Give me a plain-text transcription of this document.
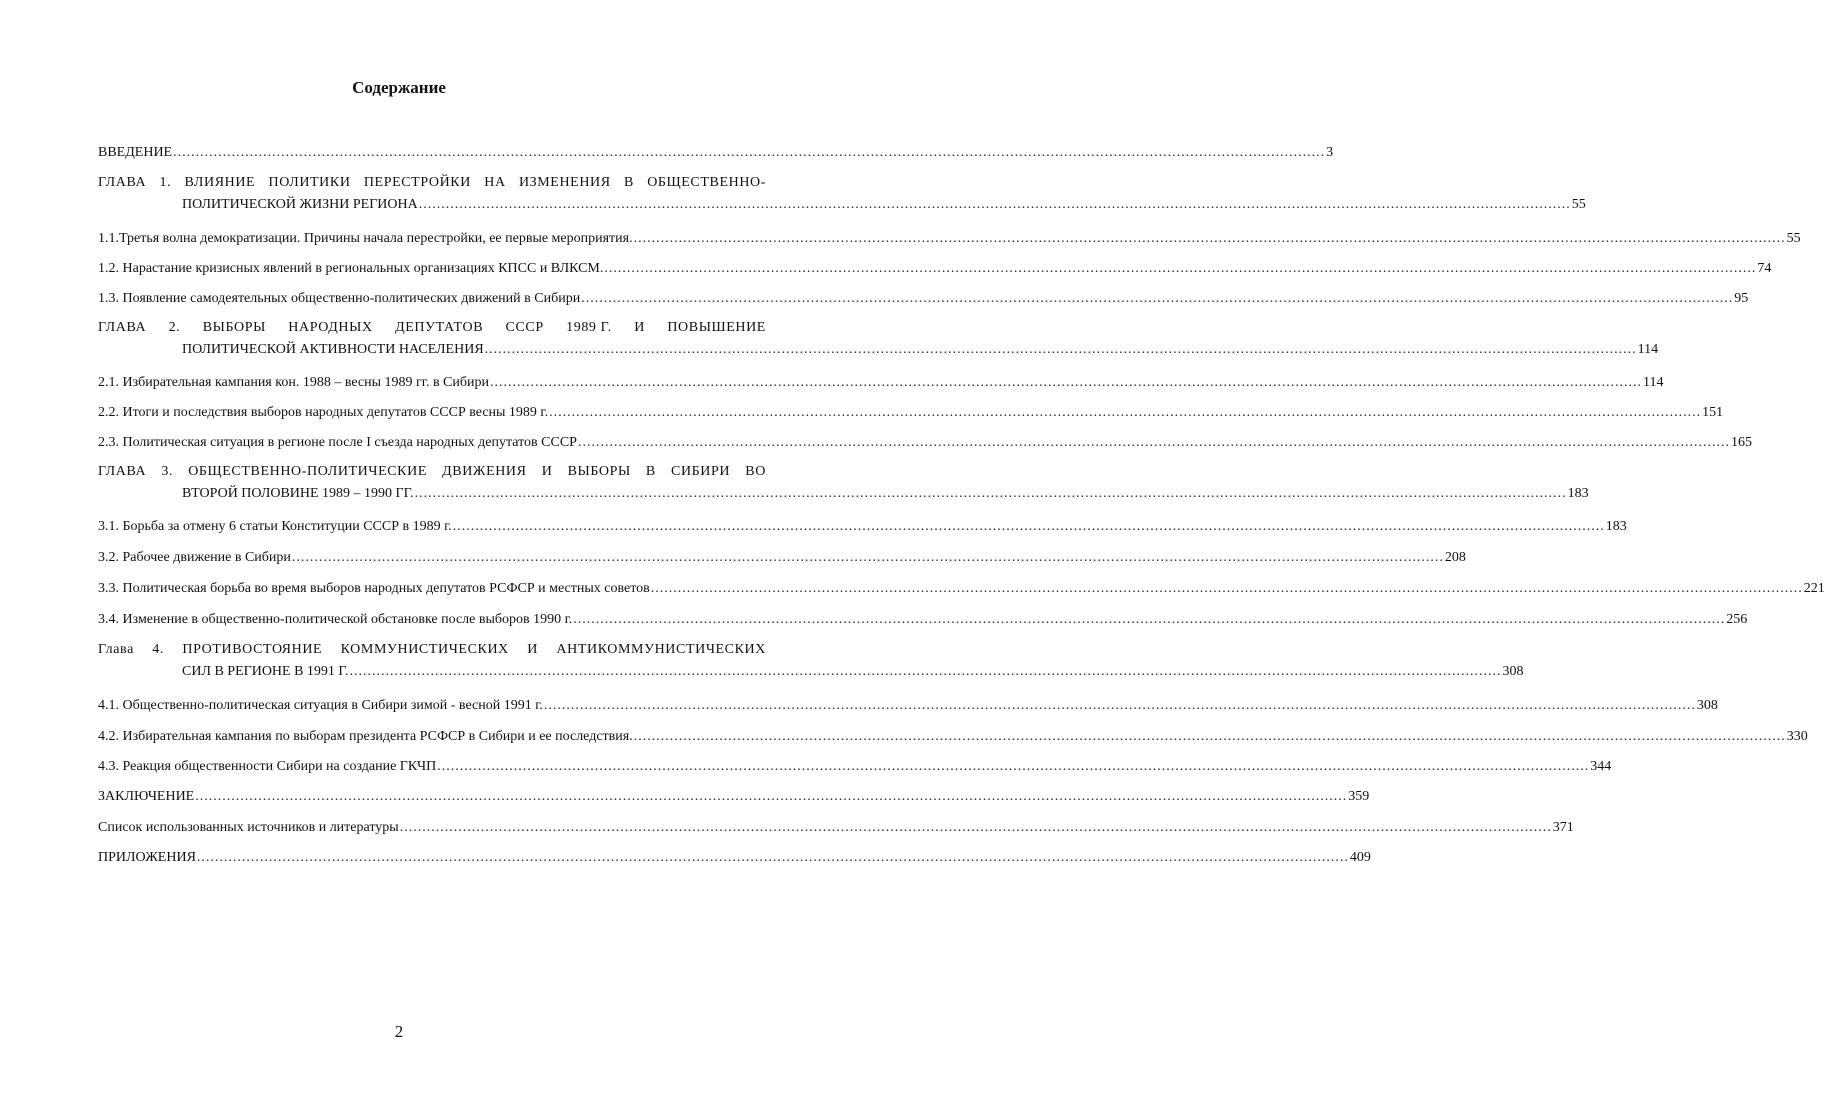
Содержание
ВВЕДЕНИЕ .....	3
ГЛАВА 1. ВЛИЯНИЕ ПОЛИТИКИ ПЕРЕСТРОЙКИ НА ИЗМЕНЕНИЯ В ОБЩЕСТВЕННО-
ПОЛИТИЧЕСКОЙ ЖИЗНИ РЕГИОНА .....	55
1.1.Третья волна демократизации. Причины начала перестройки, ее первые мероприятия. .....	55
1.2. Нарастание кризисных явлений в региональных организациях КПСС и ВЛКСМ. .....	74
1.3. Появление самодеятельных общественно-политических движений в Сибири .....	95
ГЛАВА 2. ВЫБОРЫ НАРОДНЫХ ДЕПУТАТОВ СССР 1989 Г. И ПОВЫШЕНИЕ
ПОЛИТИЧЕСКОЙ АКТИВНОСТИ НАСЕЛЕНИЯ .....	114
2.1. Избирательная кампания кон. 1988 – весны 1989 гг. в Сибири .....	114
2.2. Итоги и последствия выборов народных депутатов СССР весны 1989 г. .....	151
2.3. Политическая ситуация в регионе после I съезда народных депутатов СССР .....	165
ГЛАВА 3. ОБЩЕСТВЕННО-ПОЛИТИЧЕСКИЕ ДВИЖЕНИЯ И ВЫБОРЫ В СИБИРИ ВО
ВТОРОЙ ПОЛОВИНЕ 1989 – 1990 ГГ. .....	183
3.1. Борьба за отмену 6 статьи Конституции СССР в 1989 г. .....	183
3.2. Рабочее движение в Сибири .....	208
3.3. Политическая борьба во время выборов народных депутатов РСФСР и местных советов .....	221
3.4. Изменение в общественно-политической обстановке после выборов 1990 г. .....	256
Глава 4. ПРОТИВОСТОЯНИЕ КОММУНИСТИЧЕСКИХ И АНТИКОММУНИСТИЧЕСКИХ
СИЛ В РЕГИОНЕ В 1991 Г. .....	308
4.1. Общественно-политическая ситуация в Сибири зимой - весной 1991 г. .....	308
4.2. Избирательная кампания по выборам президента РСФСР в Сибири и ее последствия. .....	330
4.3. Реакция общественности Сибири на создание ГКЧП .....	344
ЗАКЛЮЧЕНИЕ .....	359
Список использованных источников и литературы .....	371
ПРИЛОЖЕНИЯ .....	409
2
